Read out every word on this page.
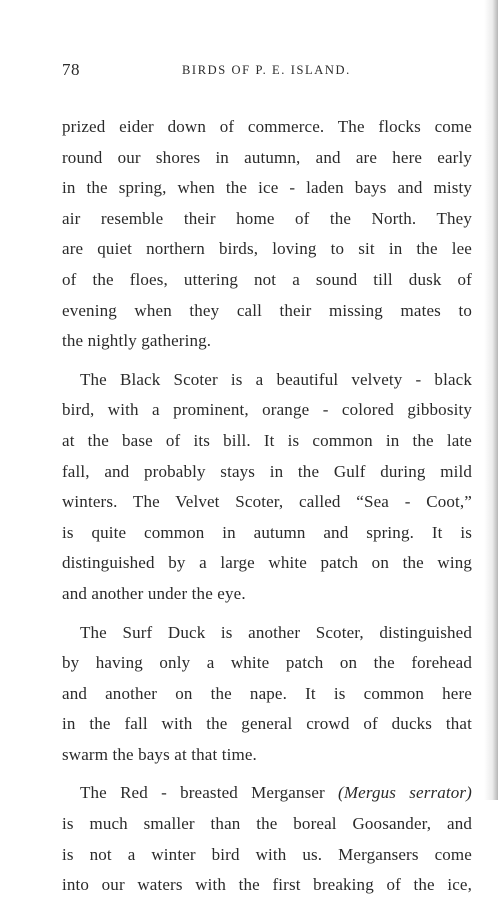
78	BIRDS OF P. E. ISLAND.
prized eider down of commerce. The flocks come
round our shores in autumn, and are here early
in the spring, when the ice - laden bays and misty
air resemble their home of the North. They
are quiet northern birds, loving to sit in the lee
of the floes, uttering not a sound till dusk of
evening when they call their missing mates to
the nightly gathering.
The Black Scoter is a beautiful velvety - black
bird, with a prominent, orange - colored gibbosity
at the base of its bill. It is common in the late
fall, and probably stays in the Gulf during mild
winters. The Velvet Scoter, called “Sea - Coot,”
is quite common in autumn and spring. It is
distinguished by a large white patch on the wing
and another under the eye.
The Surf Duck is another Scoter, distinguished
by having only a white patch on the forehead
and another on the nape. It is common here
in the fall with the general crowd of ducks that
swarm the bays at that time.
The Red - breasted Merganser (Mergus serrator)
is much smaller than the boreal Goosander, and
is not a winter bird with us. Mergansers come
into our waters with the first breaking of the ice,
